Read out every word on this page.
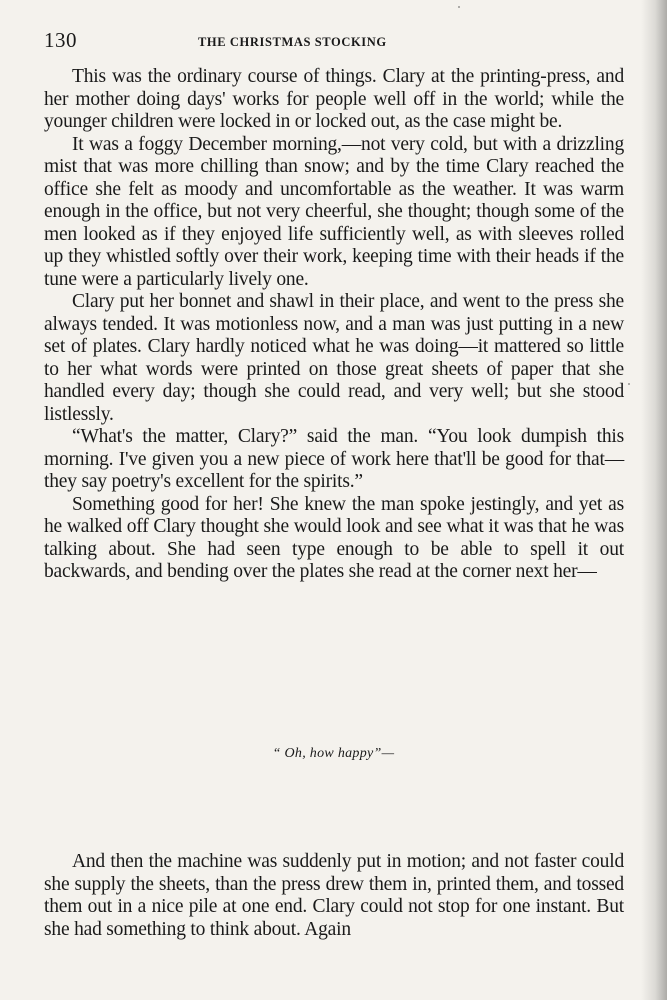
130	THE CHRISTMAS STOCKING

This was the ordinary course of things. Clary at the printing-press, and her mother doing days' works for people well off in the world; while the younger children were locked in or locked out, as the case might be.

It was a foggy December morning,—not very cold, but with a drizzling mist that was more chilling than snow; and by the time Clary reached the office she felt as moody and uncomfortable as the weather. It was warm enough in the office, but not very cheerful, she thought; though some of the men looked as if they enjoyed life sufficiently well, as with sleeves rolled up they whistled softly over their work, keeping time with their heads if the tune were a particularly lively one.

Clary put her bonnet and shawl in their place, and went to the press she always tended. It was motionless now, and a man was just putting in a new set of plates. Clary hardly noticed what he was doing—it mattered so little to her what words were printed on those great sheets of paper that she handled every day; though she could read, and very well; but she stood listlessly.

“What's the matter, Clary?” said the man. “You look dumpish this morning. I've given you a new piece of work here that'll be good for that—they say poetry's excellent for the spirits.”

Something good for her! She knew the man spoke jestingly, and yet as he walked off Clary thought she would look and see what it was that he was talking about. She had seen type enough to be able to spell it out backwards, and bending over the plates she read at the corner next her—

“ Oh, how happy”—

And then the machine was suddenly put in motion; and not faster could she supply the sheets, than the press drew them in, printed them, and tossed them out in a nice pile at one end. Clary could not stop for one instant. But she had something to think about. Again
